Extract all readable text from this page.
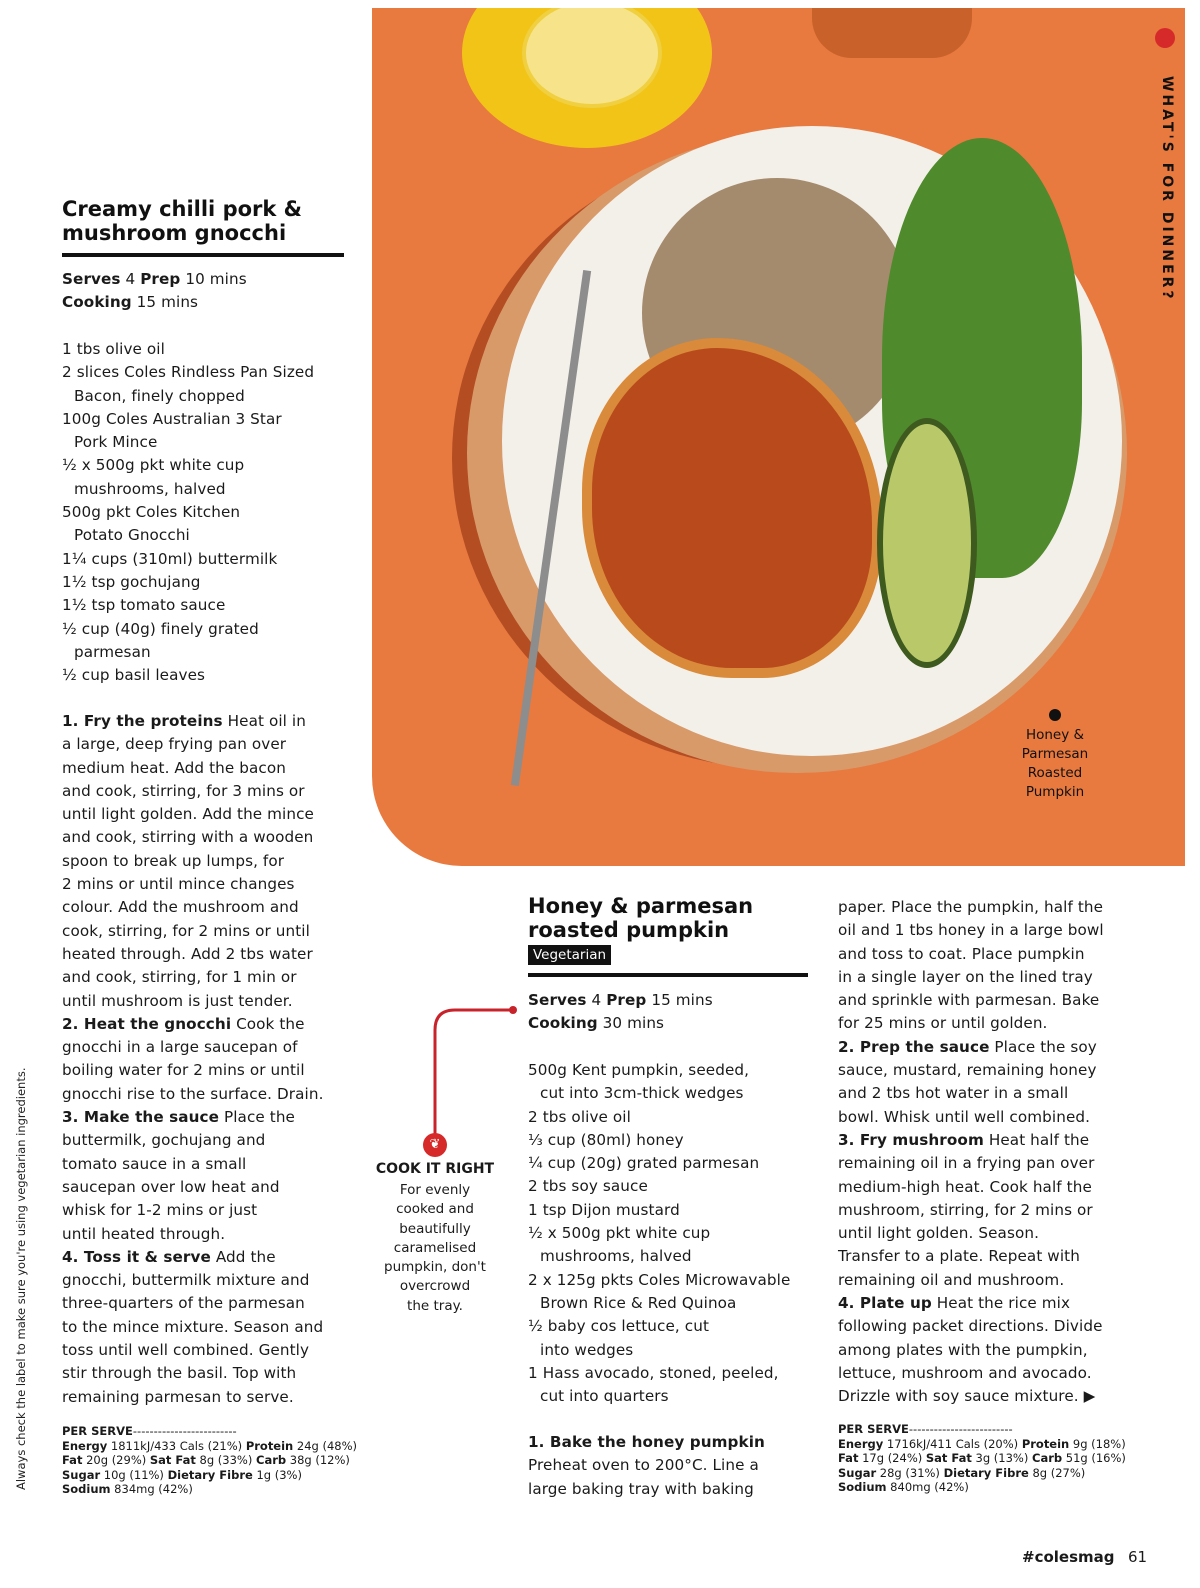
WHAT'S FOR DINNER?
Honey &
Parmesan
Roasted
Pumpkin
Creamy chilli pork &
mushroom gnocchi
Serves 4 Prep 10 mins
Cooking 15 mins
1 tbs olive oil
2 slices Coles Rindless Pan Sized
Bacon, finely chopped
100g Coles Australian 3 Star
Pork Mince
½ x 500g pkt white cup
mushrooms, halved
500g pkt Coles Kitchen
Potato Gnocchi
1¼ cups (310ml) buttermilk
1½ tsp gochujang
1½ tsp tomato sauce
½ cup (40g) finely grated
parmesan
½ cup basil leaves
1. Fry the proteins Heat oil in
a large, deep frying pan over
medium heat. Add the bacon
and cook, stirring, for 3 mins or
until light golden. Add the mince
and cook, stirring with a wooden
spoon to break up lumps, for
2 mins or until mince changes
colour. Add the mushroom and
cook, stirring, for 2 mins or until
heated through. Add 2 tbs water
and cook, stirring, for 1 min or
until mushroom is just tender.
2. Heat the gnocchi Cook the
gnocchi in a large saucepan of
boiling water for 2 mins or until
gnocchi rise to the surface. Drain.
3. Make the sauce Place the
buttermilk, gochujang and
tomato sauce in a small
saucepan over low heat and
whisk for 1-2 mins or just
until heated through.
4. Toss it & serve Add the
gnocchi, buttermilk mixture and
three-quarters of the parmesan
to the mince mixture. Season and
toss until well combined. Gently
stir through the basil. Top with
remaining parmesan to serve.
PER SERVE-------------------------
Energy 1811kJ/433 Cals (21%) Protein 24g (48%)
Fat 20g (29%) Sat Fat 8g (33%) Carb 38g (12%)
Sugar 10g (11%) Dietary Fibre 1g (3%)
Sodium 834mg (42%)
Always check the label to make sure you're using vegetarian ingredients.	❦
COOK IT RIGHT
For evenly
cooked and
beautifully
caramelised
pumpkin, don't
overcrowd
the tray.
Honey & parmesan
roasted pumpkin
Vegetarian
Serves 4 Prep 15 mins
Cooking 30 mins
500g Kent pumpkin, seeded,
cut into 3cm-thick wedges
2 tbs olive oil
⅓ cup (80ml) honey
¼ cup (20g) grated parmesan
2 tbs soy sauce
1 tsp Dijon mustard
½ x 500g pkt white cup
mushrooms, halved
2 x 125g pkts Coles Microwavable
Brown Rice & Red Quinoa
½ baby cos lettuce, cut
into wedges
1 Hass avocado, stoned, peeled,
cut into quarters
1. Bake the honey pumpkin
Preheat oven to 200°C. Line a
large baking tray with baking
paper. Place the pumpkin, half the
oil and 1 tbs honey in a large bowl
and toss to coat. Place pumpkin
in a single layer on the lined tray
and sprinkle with parmesan. Bake
for 25 mins or until golden.
2. Prep the sauce Place the soy
sauce, mustard, remaining honey
and 2 tbs hot water in a small
bowl. Whisk until well combined.
3. Fry mushroom Heat half the
remaining oil in a frying pan over
medium-high heat. Cook half the
mushroom, stirring, for 2 mins or
until light golden. Season.
Transfer to a plate. Repeat with
remaining oil and mushroom.
4. Plate up Heat the rice mix
following packet directions. Divide
among plates with the pumpkin,
lettuce, mushroom and avocado.
Drizzle with soy sauce mixture. ▶
PER SERVE-------------------------
Energy 1716kJ/411 Cals (20%) Protein 9g (18%)
Fat 17g (24%) Sat Fat 3g (13%) Carb 51g (16%)
Sugar 28g (31%) Dietary Fibre 8g (27%)
Sodium 840mg (42%)
#colesmag 61
